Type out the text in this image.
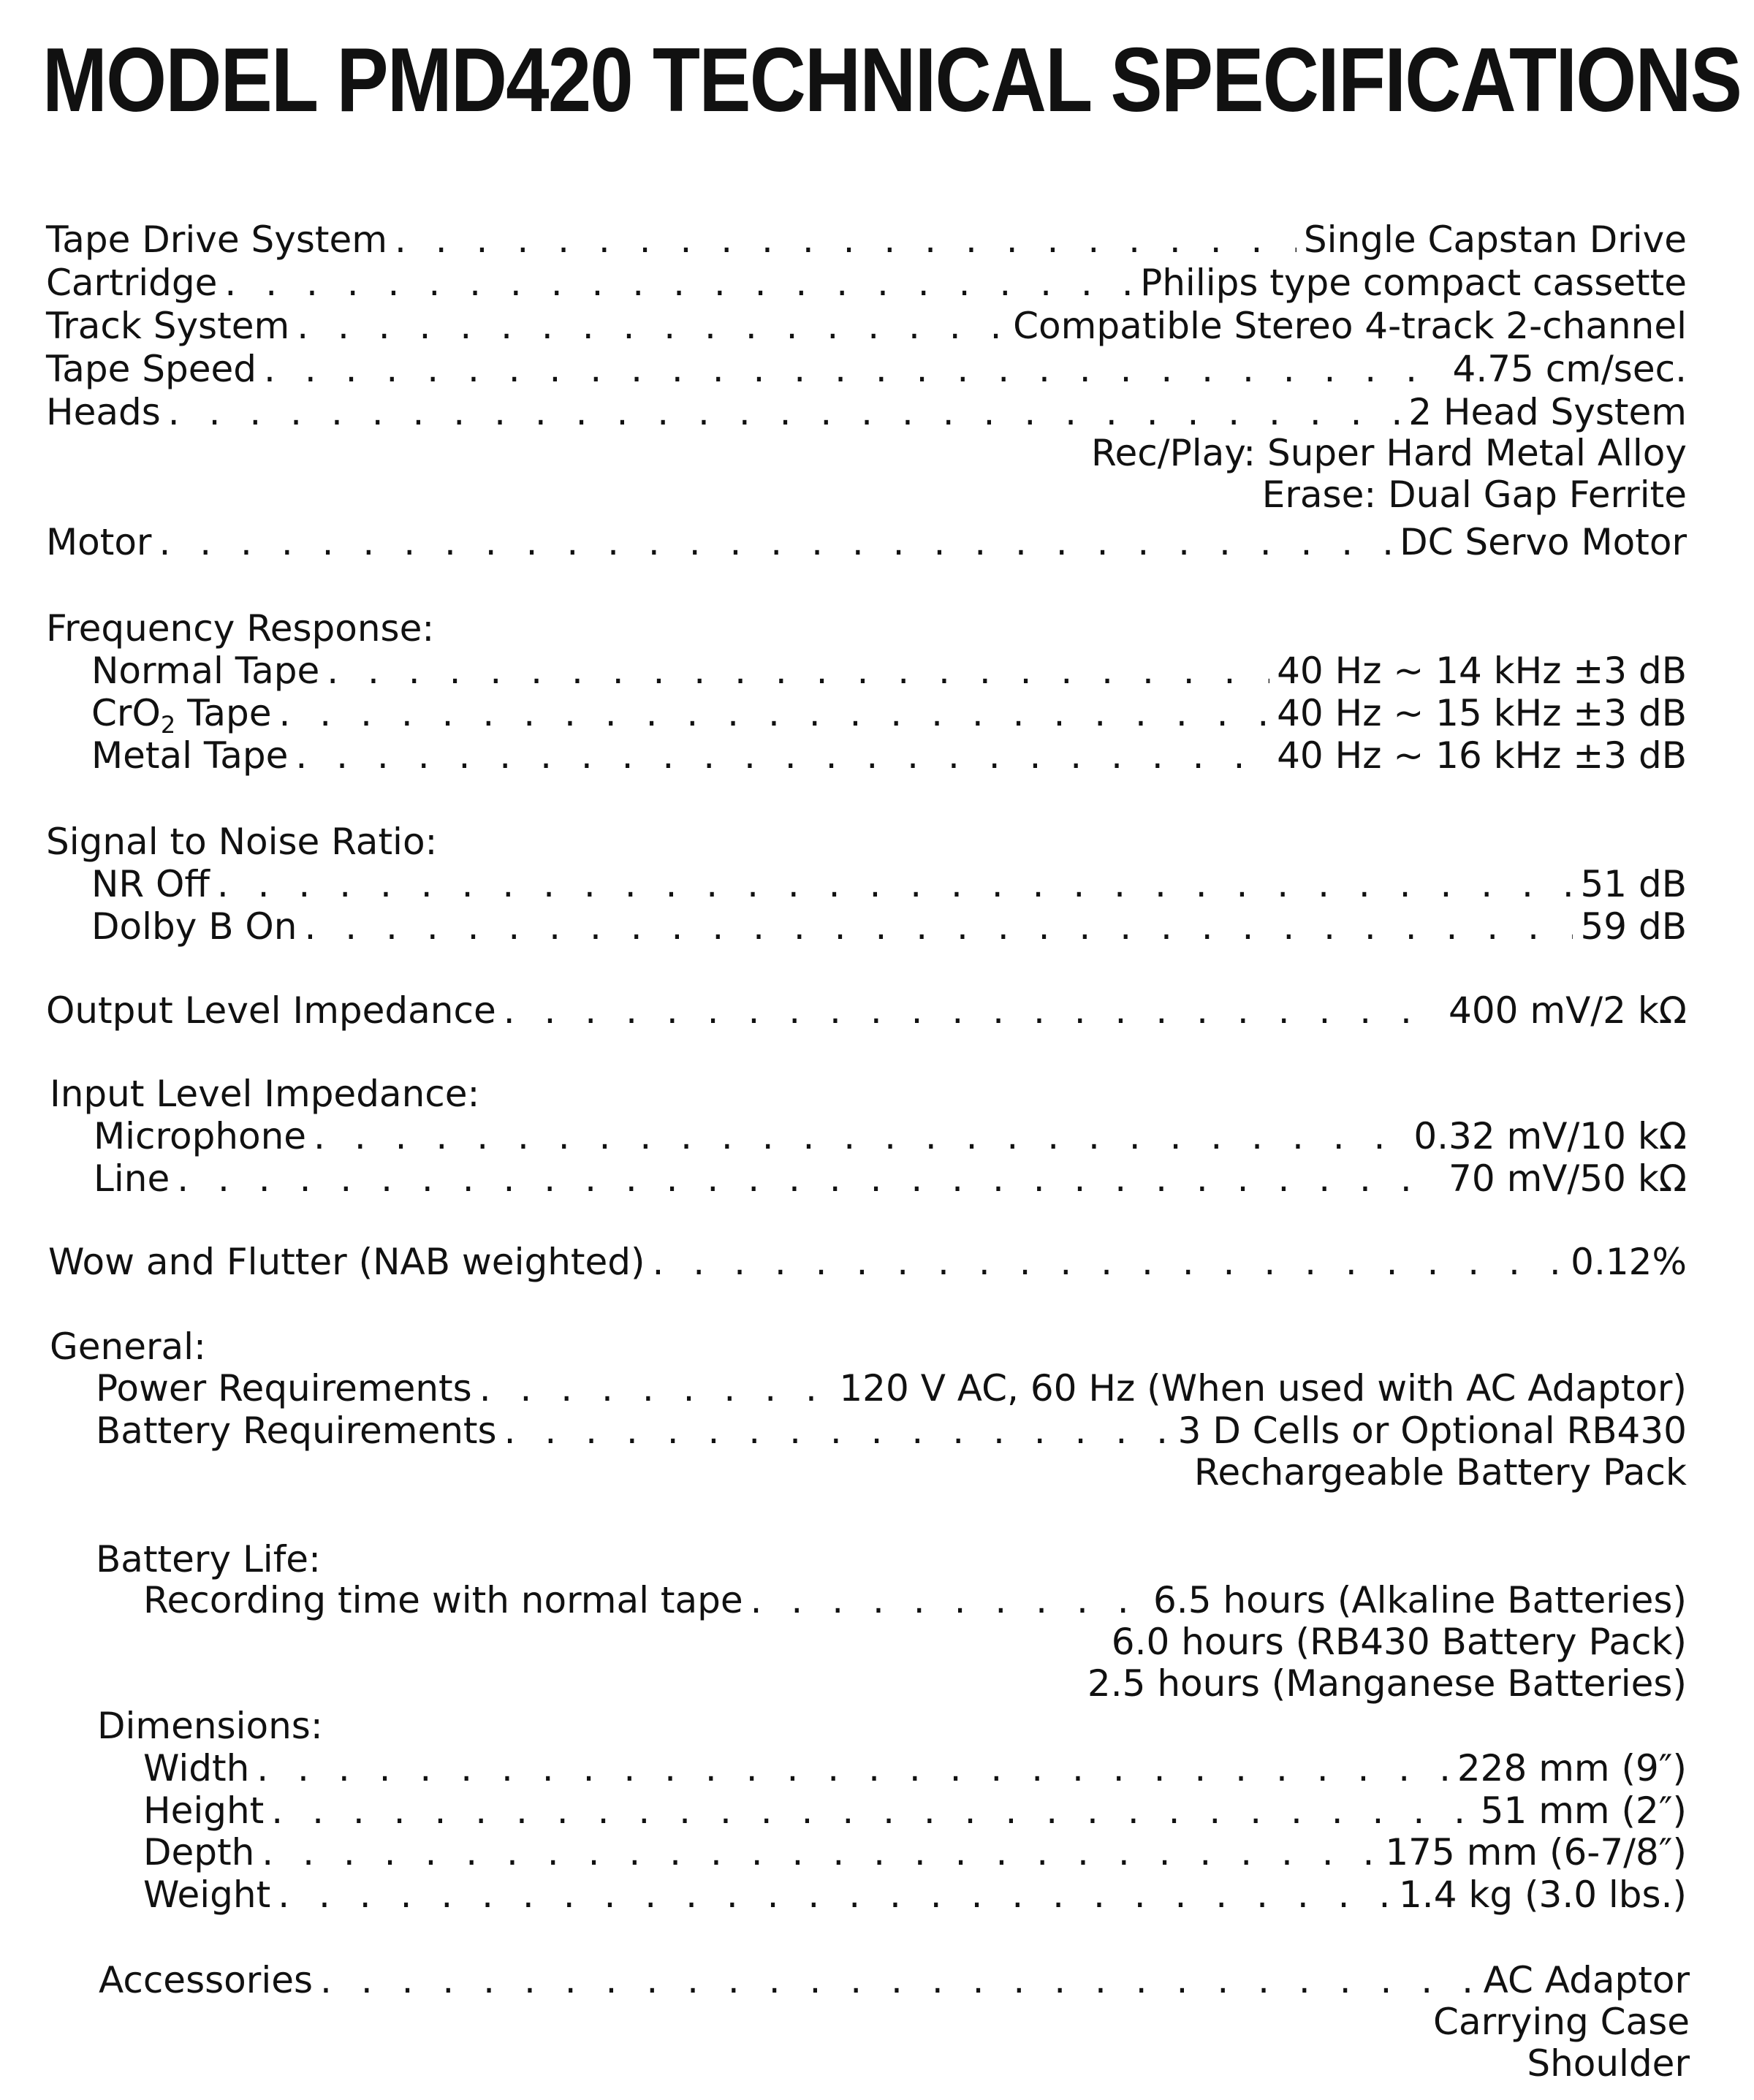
MODEL PMD420 TECHNICAL SPECIFICATIONS
Tape Drive System . . .	Single Capstan Drive
Cartridge . . .	Philips type compact cassette
Track System . . .	Compatible Stereo 4-track 2-channel
Tape Speed . . .	4.75 cm/sec.
Heads . . .	2 Head System
Rec/Play: Super Hard Metal Alloy
Erase: Dual Gap Ferrite
Motor . . .	DC Servo Motor
Frequency Response:
Normal Tape . . .	40 Hz ~ 14 kHz ±3 dB
CrO$_2$ Tape . . .	40 Hz ~ 15 kHz ±3 dB
Metal Tape . . .	40 Hz ~ 16 kHz ±3 dB
Signal to Noise Ratio:
NR Off . . .	51 dB
Dolby B On . . .	59 dB
Output Level Impedance . . .	400 mV/2 kΩ
Input Level Impedance:
Microphone . . .	0.32 mV/10 kΩ
Line . . .	70 mV/50 kΩ
Wow and Flutter (NAB weighted) . . .	0.12%
General:
Power Requirements . . .	120 V AC, 60 Hz (When used with AC Adaptor)
Battery Requirements . . .	3 D Cells or Optional RB430
Rechargeable Battery Pack
Battery Life:
Recording time with normal tape . . .	6.5 hours (Alkaline Batteries)
6.0 hours (RB430 Battery Pack)
2.5 hours (Manganese Batteries)
Dimensions:
Width . . .	228 mm (9″)
Height . . .	51 mm (2″)
Depth . . .	175 mm (6-7/8″)
Weight . . .	1.4 kg (3.0 lbs.)
Accessories . . .	AC Adaptor
Carrying Case
Shoulder
